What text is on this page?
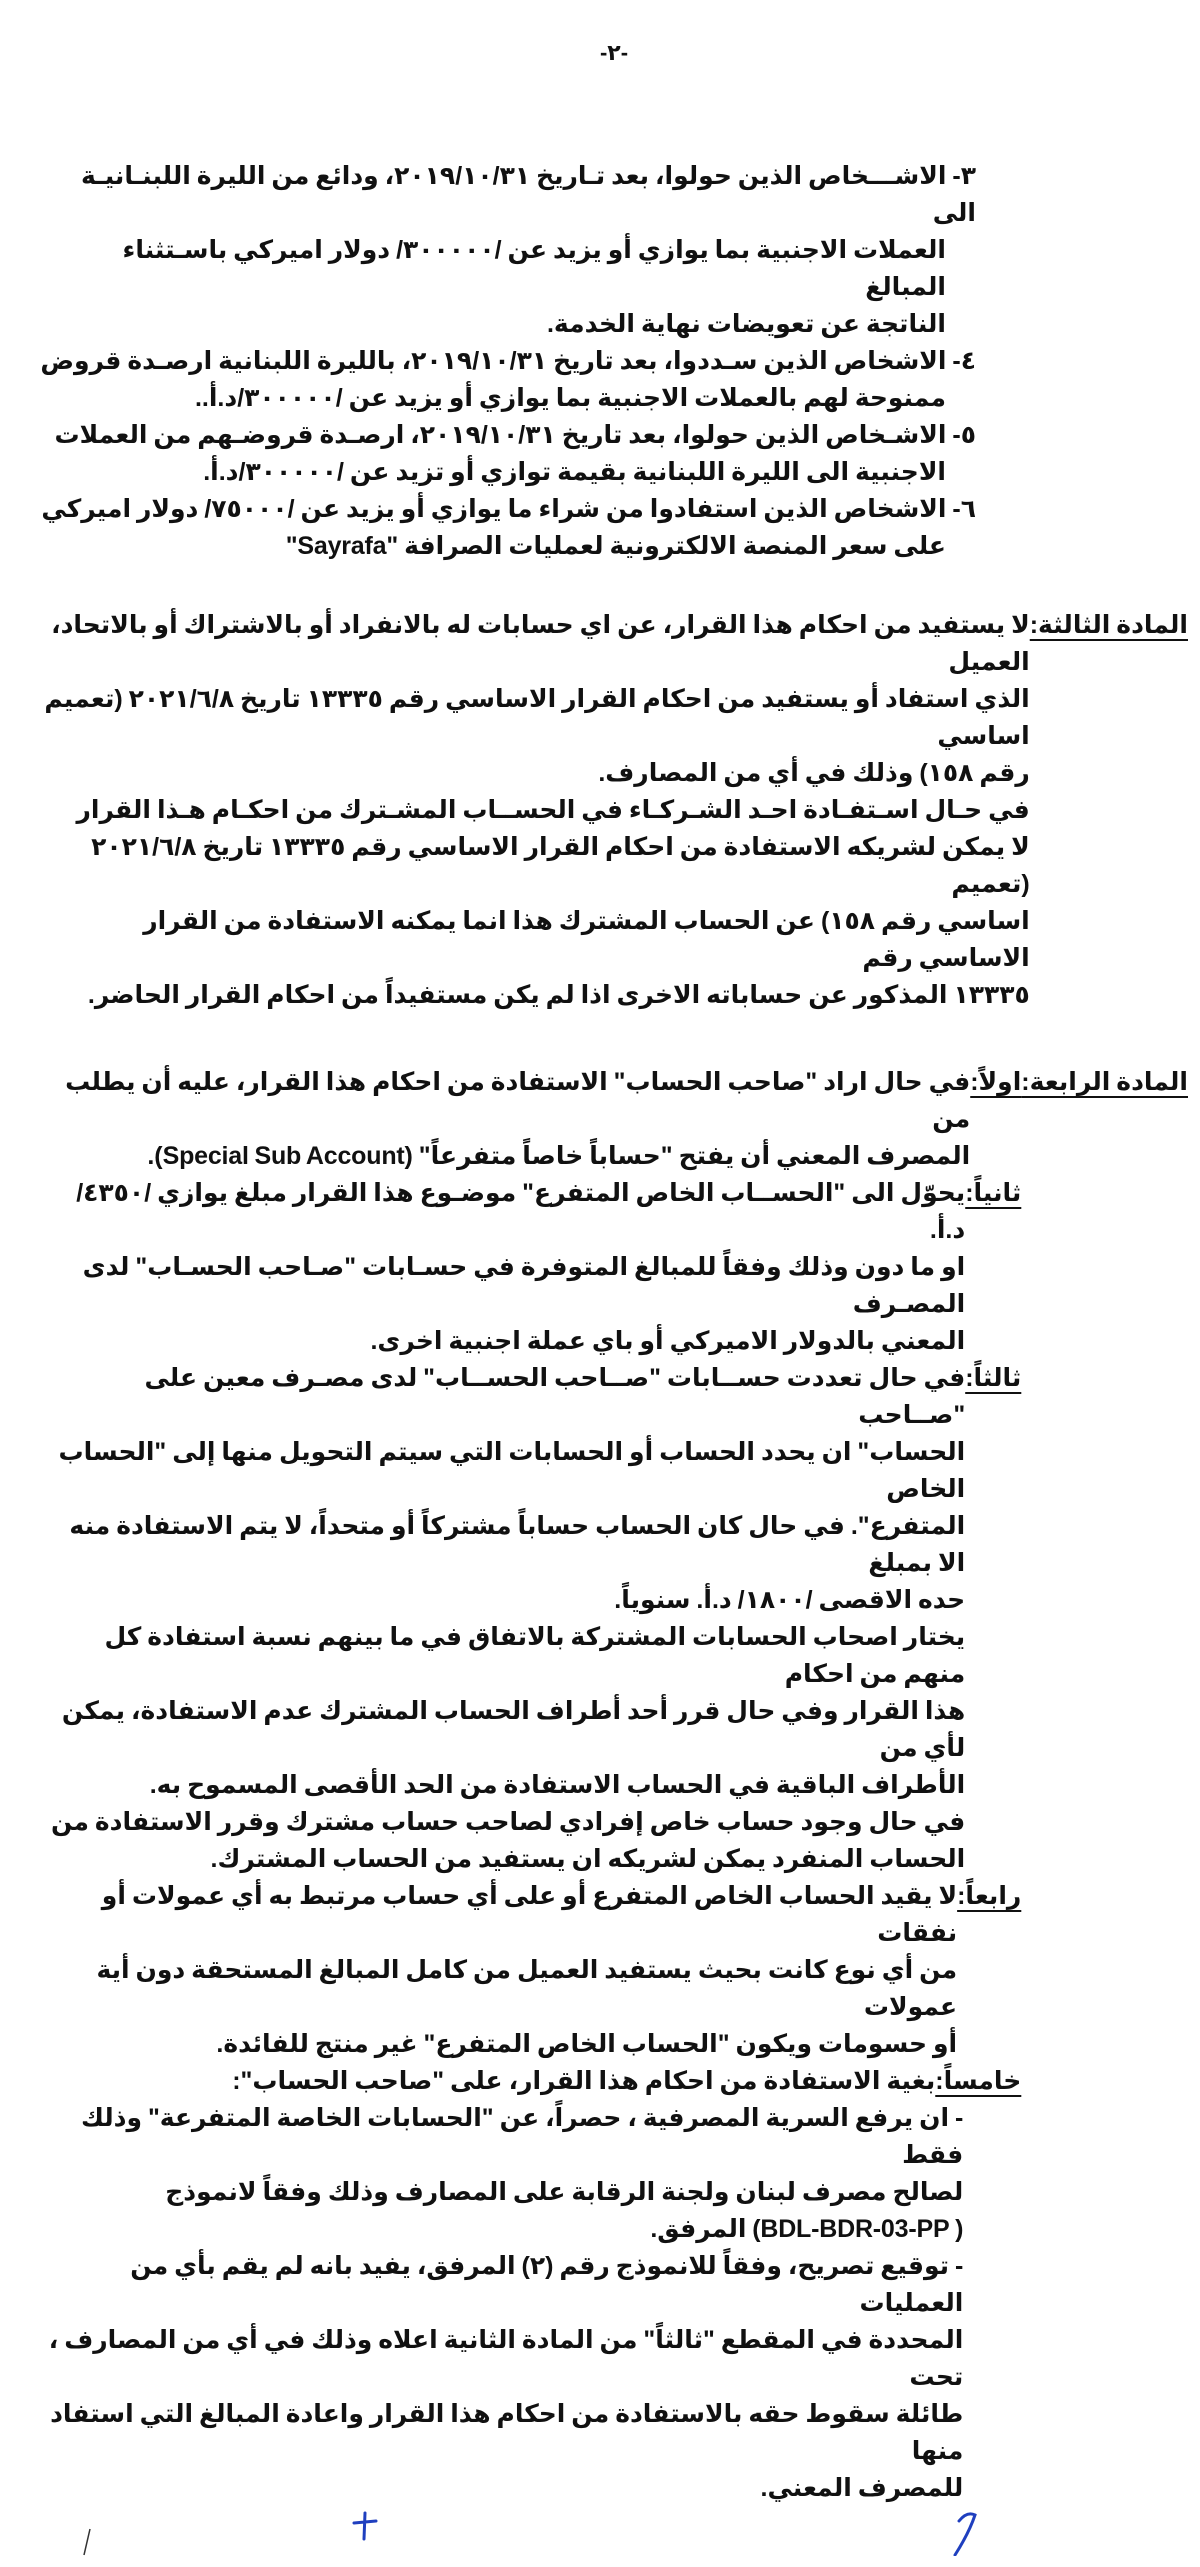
-٢-
٣- الاشـــخاص الذين حولوا، بعد تـاريخ ٢٠١٩/١٠/٣١، ودائع من الليرة اللبنـانيـة الى
العملات الاجنبية بما يوازي أو يزيد عن /٣٠٠٠٠٠/ دولار اميركي باسـتثناء المبالغ
الناتجة عن تعويضات نهاية الخدمة.
٤- الاشخاص الذين سـددوا، بعد تاريخ ٢٠١٩/١٠/٣١، بالليرة اللبنانية ارصـدة قروض
ممنوحة لهم بالعملات الاجنبية بما يوازي أو يزيد عن /٣٠٠٠٠٠/د.أ..
٥- الاشـخاص الذين حولوا، بعد تاريخ ٢٠١٩/١٠/٣١، ارصـدة قروضـهم من العملات
الاجنبية الى الليرة اللبنانية بقيمة توازي أو تزيد عن /٣٠٠٠٠٠/د.أ.
٦- الاشخاص الذين استفادوا من شراء ما يوازي أو يزيد عن /٧٥٠٠٠/ دولار اميركي
على سعر المنصة الالكترونية لعمليات الصرافة "Sayrafa"
المادة الثالثة:
لا يستفيد من احكام هذا القرار، عن اي حسابات له بالانفراد أو بالاشتراك أو بالاتحاد، العميل
الذي استفاد أو يستفيد من احكام القرار الاساسي رقم ١٣٣٣٥ تاريخ ٢٠٢١/٦/٨ (تعميم اساسي
رقم ١٥٨) وذلك في أي من المصارف.
في حـال اسـتفـادة احـد الشـركـاء في الحســاب المشـترك من احكـام هـذا القرار
لا يمكن لشريكه الاستفادة من احكام القرار الاساسي رقم ١٣٣٣٥ تاريخ ٢٠٢١/٦/٨ (تعميم
اساسي رقم ١٥٨) عن الحساب المشترك هذا انما يمكنه الاستفادة من القرار الاساسي رقم
١٣٣٣٥ المذكور عن حساباته الاخرى اذا لم يكن مستفيداً من احكام القرار الحاضر.
المادة الرابعة:
اولاً:
في حال اراد "صاحب الحساب" الاستفادة من احكام هذا القرار، عليه أن يطلب من
المصرف المعني أن يفتح "حساباً خاصاً متفرعاً" (Special Sub Account).
ثانياً:
يحوّل الى "الحســاب الخاص المتفرع" موضـوع هذا القرار مبلغ يوازي /٤٣٥٠/ د.أ.
او ما دون وذلك وفقاً للمبالغ المتوفرة في حسـابات "صـاحب الحسـاب" لدى المصـرف
المعني بالدولار الاميركي أو باي عملة اجنبية اخرى.
ثالثاً:
في حال تعددت حســابات "صــاحب الحســاب" لدى مصـرف معين على "صــاحب
الحساب" ان يحدد الحساب أو الحسابات التي سيتم التحويل منها إلى "الحساب الخاص
المتفرع". في حال كان الحساب حساباً مشتركاً أو متحداً، لا يتم الاستفادة منه الا بمبلغ
حده الاقصى /١٨٠٠/ د.أ. سنوياً.
يختار اصحاب الحسابات المشتركة بالاتفاق في ما بينهم نسبة استفادة كل منهم من احكام
هذا القرار وفي حال قرر أحد أطراف الحساب المشترك عدم الاستفادة، يمكن لأي من
الأطراف الباقية في الحساب الاستفادة من الحد الأقصى المسموح به.
في حال وجود حساب خاص إفرادي لصاحب حساب مشترك وقرر الاستفادة من
الحساب المنفرد يمكن لشريكه ان يستفيد من الحساب المشترك.
رابعاً:
لا يقيد الحساب الخاص المتفرع أو على أي حساب مرتبط به أي عمولات أو نفقات
من أي نوع كانت بحيث يستفيد العميل من كامل المبالغ المستحقة دون أية عمولات
أو حسومات ويكون "الحساب الخاص المتفرع" غير منتج للفائدة.
خامساً:
بغية الاستفادة من احكام هذا القرار، على "صاحب الحساب":
- ان يرفع السرية المصرفية ، حصراً، عن "الحسابات الخاصة المتفرعة" وذلك فقط
لصالح مصرف لبنان ولجنة الرقابة على المصارف وذلك وفقاً لانموذج
( BDL-BDR-03-PP) المرفق.
- توقيع تصريح، وفقاً للانموذج رقم (٢) المرفق، يفيد بانه لم يقم بأي من العمليات
المحددة في المقطع "ثالثاً" من المادة الثانية اعلاه وذلك في أي من المصارف ، تحت
طائلة سقوط حقه بالاستفادة من احكام هذا القرار واعادة المبالغ التي استفاد منها
للمصرف المعني.
